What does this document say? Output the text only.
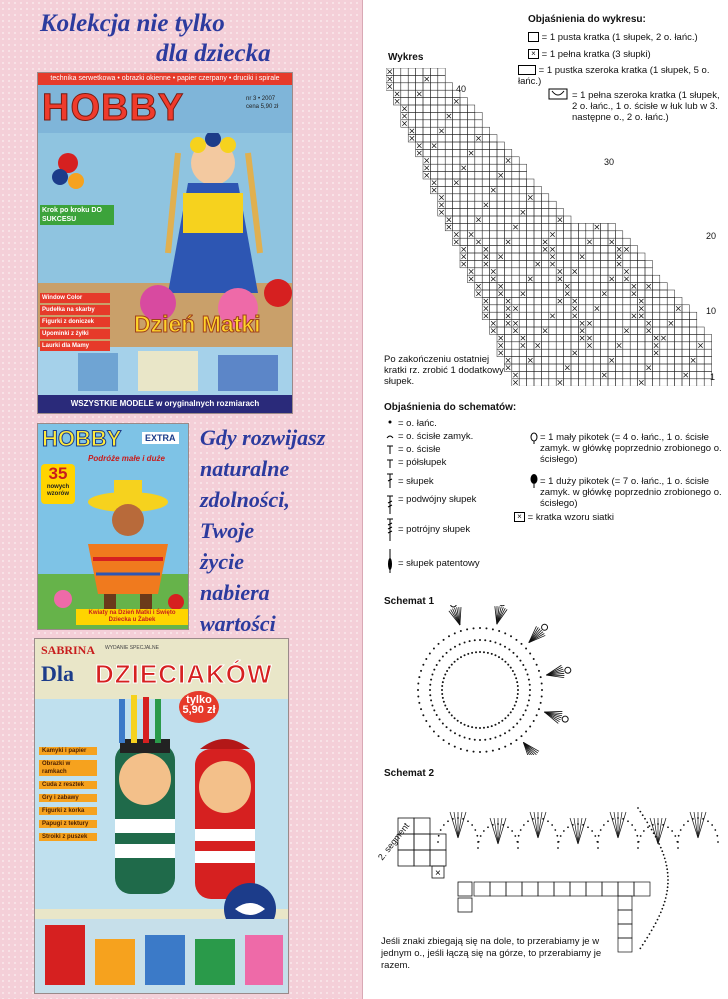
Kolekcja nie tylko
dla dziecka
technika serwetkowa • obrazki okienne • papier czerpany • druciki i spirale
HOBBY	nr 3 • 2007
cena 5,90 zł
Krok po kroku DO SUKCESU
Window Color
Pudełka na skarby
Figurki z doniczek
Upominki z żyłki
Laurki dla Mamy
Dzień Matki
WSZYSTKIE MODELE w oryginalnych rozmiarach
HOBBY	EXTRA
Podróże małe i duże
35
nowych wzorów
Kwiaty na Dzień Matki i Święto Dziecka u Żabek
Gdy rozwijasz
naturalne
zdolności,
Twoje
życie
nabiera
wartości
SABRINA WYDANIE SPECJALNE
Dla DZIECIAKÓW
tylko 5,90 zł
Kamyki i papier
Obrazki w ramkach
Cuda z resztek
Gry i zabawy
Figurki z korka
Papugi z tektury
Stroiki z puszek
Objaśnienia do wykresu:
= 1 pusta kratka (1 słupek, 2 o. łańc.)
× = 1 pełna kratka (3 słupki)
= 1 pustka szeroka kratka (1 słupek, 5 o. łańc.)
= 1 pełna szeroka kratka (1 słupek, 2 o. łańc., 1 o. ścisłe w łuk lub w 3. następne o., 2 o. łańc.)
Wykres
40
30
20
10
1
Po zakończeniu ostatniej kratki rz. zrobić 1 dodatkowy słupek.
Objaśnienia do schematów:
= o. łańc.
= o. ścisłe zamyk.
= o. ścisłe
= półsłupek
= słupek
= podwójny słupek
= potrójny słupek
= słupek patentowy
= 1 mały pikotek (= 4 o. łańc., 1 o. ścisłe zamyk. w główkę poprzednio zrobionego o. ścisłego)
= 1 duży pikotek (= 7 o. łańc., 1 o. ścisłe zamyk. w główkę poprzednio zrobionego o. ścisłego)
× = kratka wzoru siatki
Schemat 1
Schemat 2
×
2. segment
Jeśli znaki zbiegają się na dole, to przerabiamy je w jednym o., jeśli łączą się na górze, to przerabiamy je razem.
